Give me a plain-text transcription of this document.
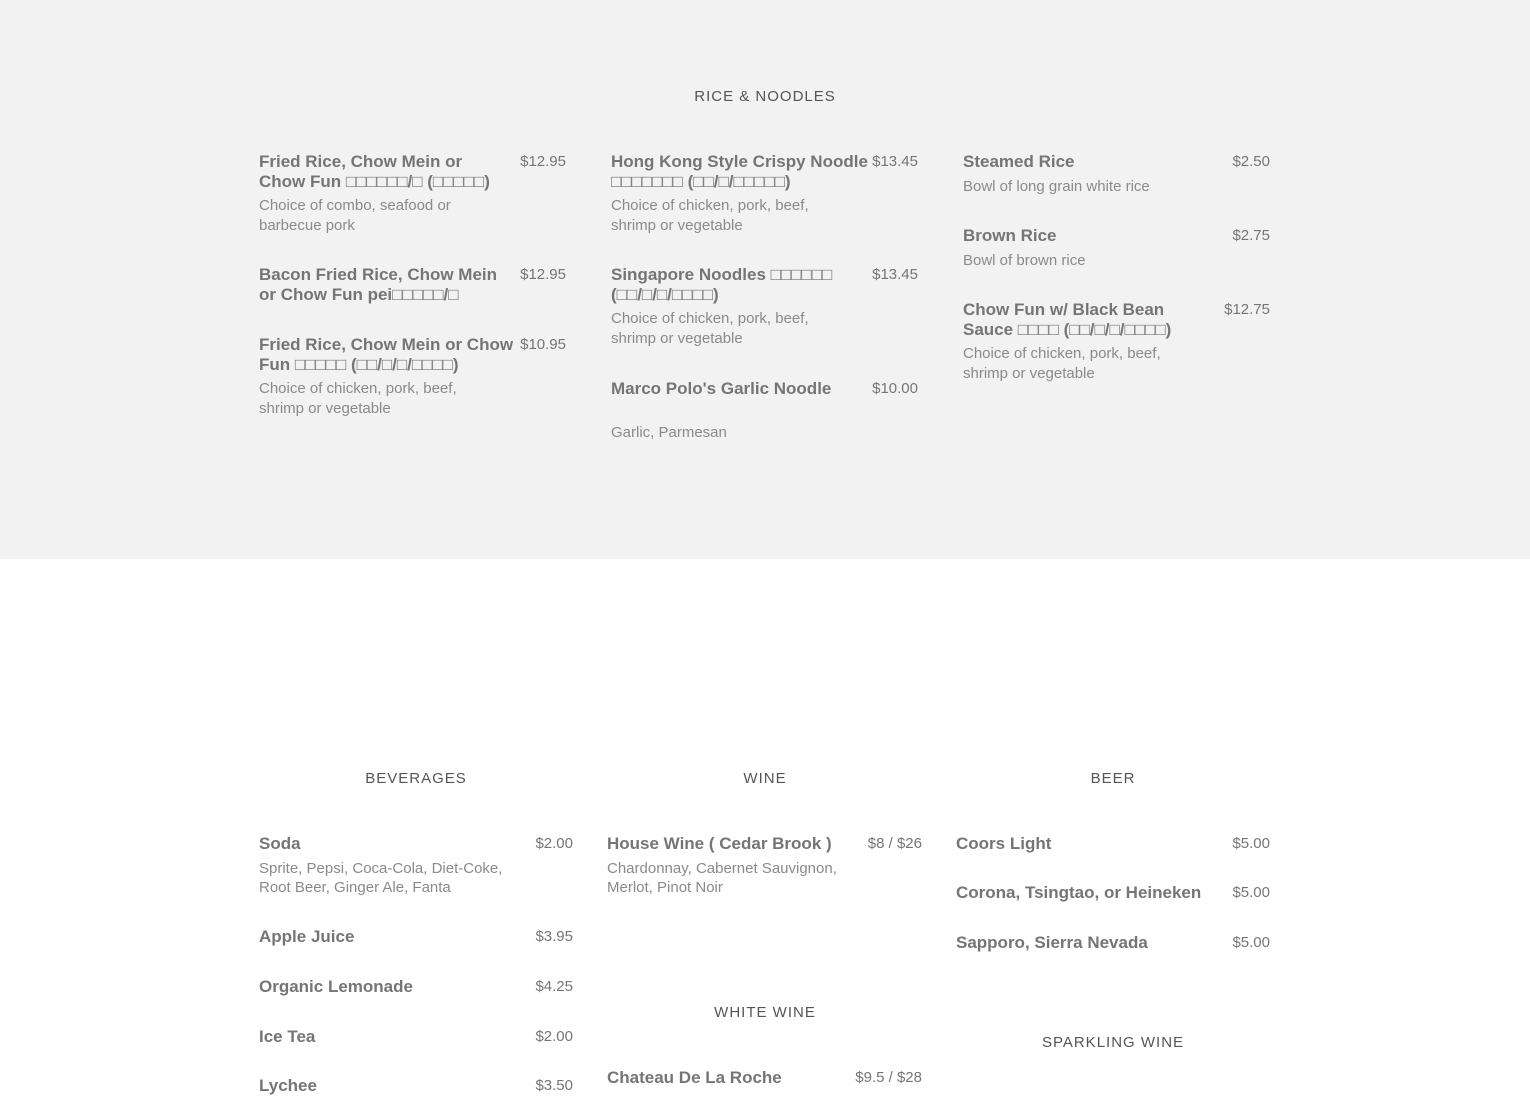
RICE & NOODLES
Fried Rice, Chow Mein or Chow Fun □□□□□□/□ (□□□□□)
$12.95
Choice of combo, seafood or barbecue pork
Bacon Fried Rice, Chow Mein or Chow Fun pei□□□□□/□
$12.95
Fried Rice, Chow Mein or Chow Fun □□□□□ (□□/□/□/□□□□)
$10.95
Choice of chicken, pork, beef, shrimp or vegetable
Hong Kong Style Crispy Noodle □□□□□□□ (□□/□/□□□□□)
$13.45
Choice of chicken, pork, beef, shrimp or vegetable
Singapore Noodles □□□□□□ (□□/□/□/□□□□)
$13.45
Choice of chicken, pork, beef, shrimp or vegetable
Marco Polo's Garlic Noodle	$10.00
Garlic, Parmesan
Steamed Rice	$2.50
Bowl of long grain white rice
Brown Rice	$2.75
Bowl of brown rice
Chow Fun w/ Black Bean Sauce □□□□ (□□/□/□/□□□□)
$12.75
Choice of chicken, pork, beef, shrimp or vegetable
BEVERAGES
Soda	$2.00
Sprite, Pepsi, Coca-Cola, Diet-Coke, Root Beer, Ginger Ale, Fanta
Apple Juice	$3.95
Organic Lemonade	$4.25
Ice Tea	$2.00
Lychee	$3.50
WINE
House Wine ( Cedar Brook )	$8 / $26
Chardonnay, Cabernet Sauvignon, Merlot, Pinot Noir
WHITE WINE
Chateau De La Roche	$9.5 / $28
BEER
Coors Light	$5.00
Corona, Tsingtao, or Heineken	$5.00
Sapporo, Sierra Nevada	$5.00
SPARKLING WINE
